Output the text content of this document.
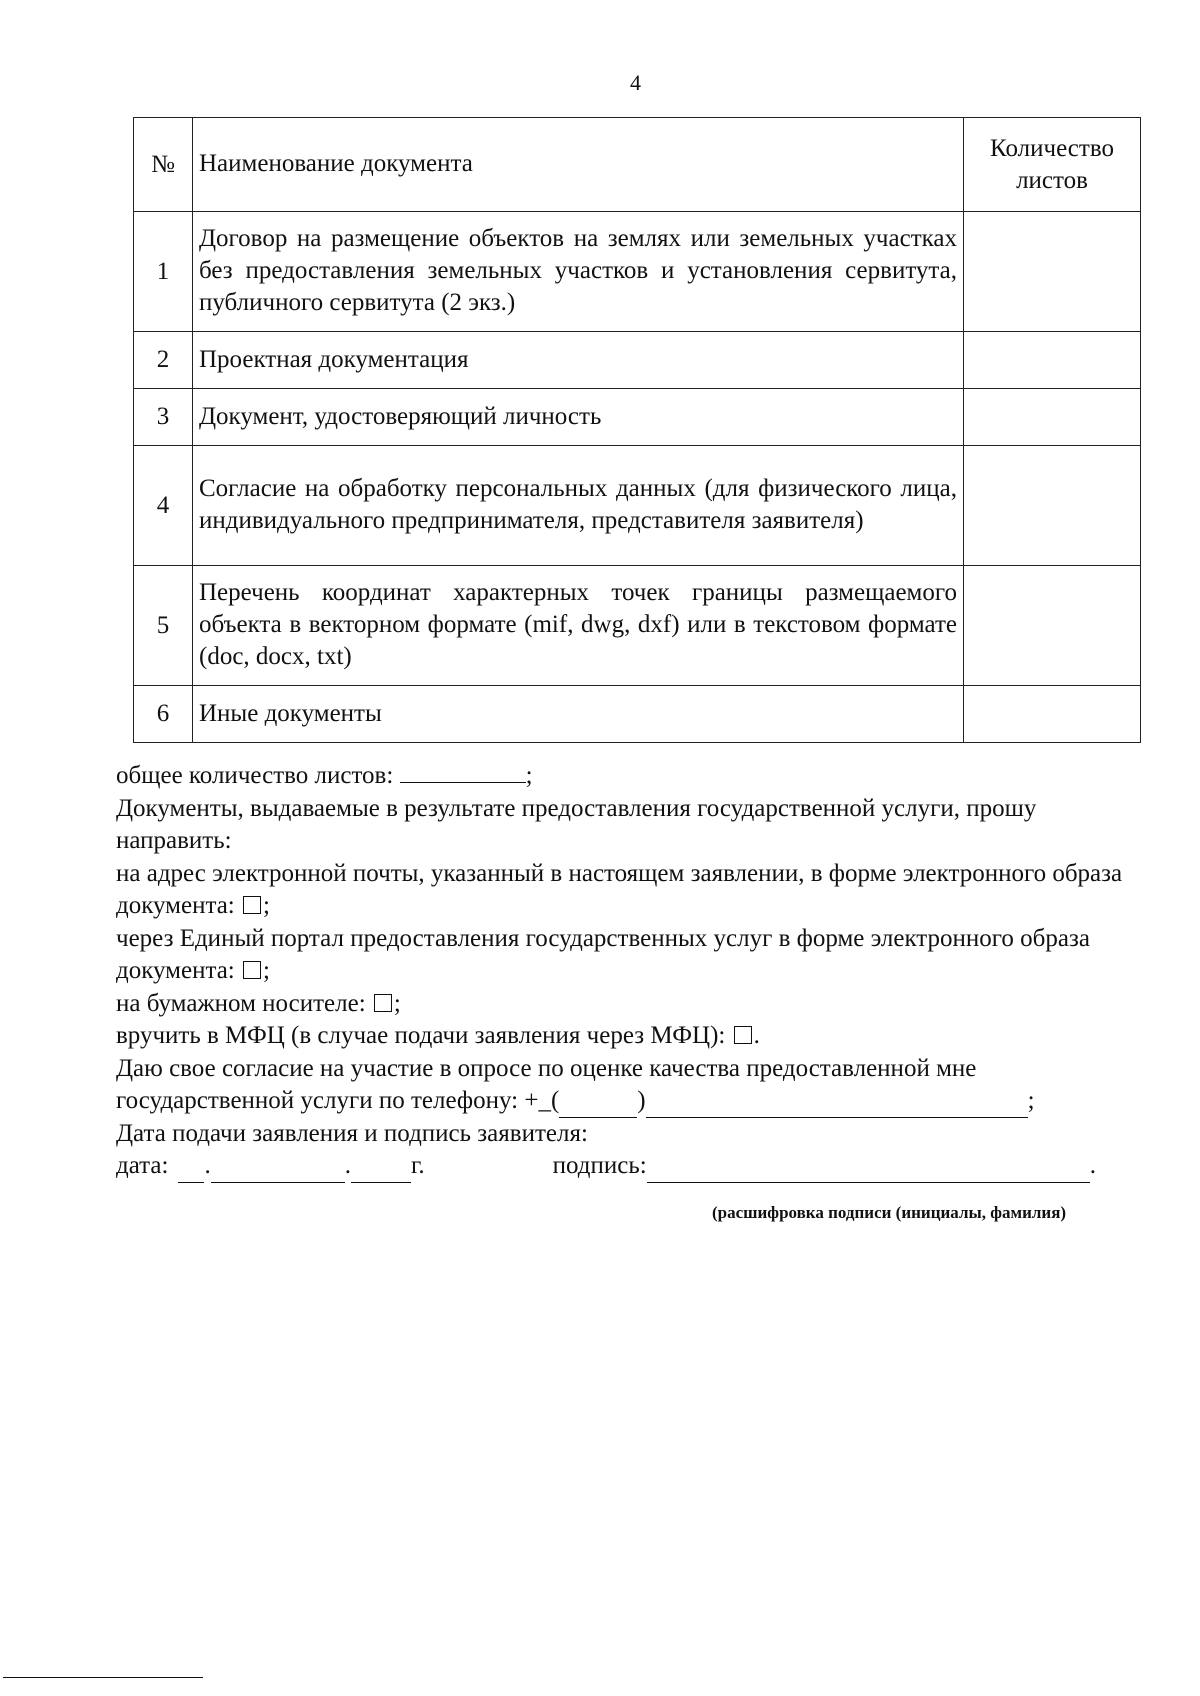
4
№	Наименование документа	Количество листов
1	Договор на размещение объектов на землях или земельных участках без предоставления земельных участков и установления сервитута, публичного сервитута (2 экз.)	
2	Проектная документация	
3	Документ, удостоверяющий личность	
4	Согласие на обработку персональных данных (для физического лица, индивидуального предпринимателя, представителя заявителя)	
5	Перечень координат характерных точек границы размещаемого объекта в векторном формате (mif, dwg, dxf) или в текстовом формате (doc, docx, txt)	
6	Иные документы	

общее количество листов:	;

Документы, выдаваемые в результате предоставления государственной услуги, прошу направить:

на адрес электронной почты, указанный в настоящем заявлении, в форме электронного образа документа: ;

через Единый портал предоставления государственных услуг в форме электронного образа документа: ;

на бумажном носителе: ;

вручить в МФЦ (в случае подачи заявления через МФЦ): .

Даю свое согласие на участие в опросе по оценке качества предоставленной мне

государственной услуги по телефону: +_(	)	;

Дата подачи заявления и подпись заявителя:

дата: .	. г.	подпись:	.

(расшифровка подписи (инициалы, фамилия)
